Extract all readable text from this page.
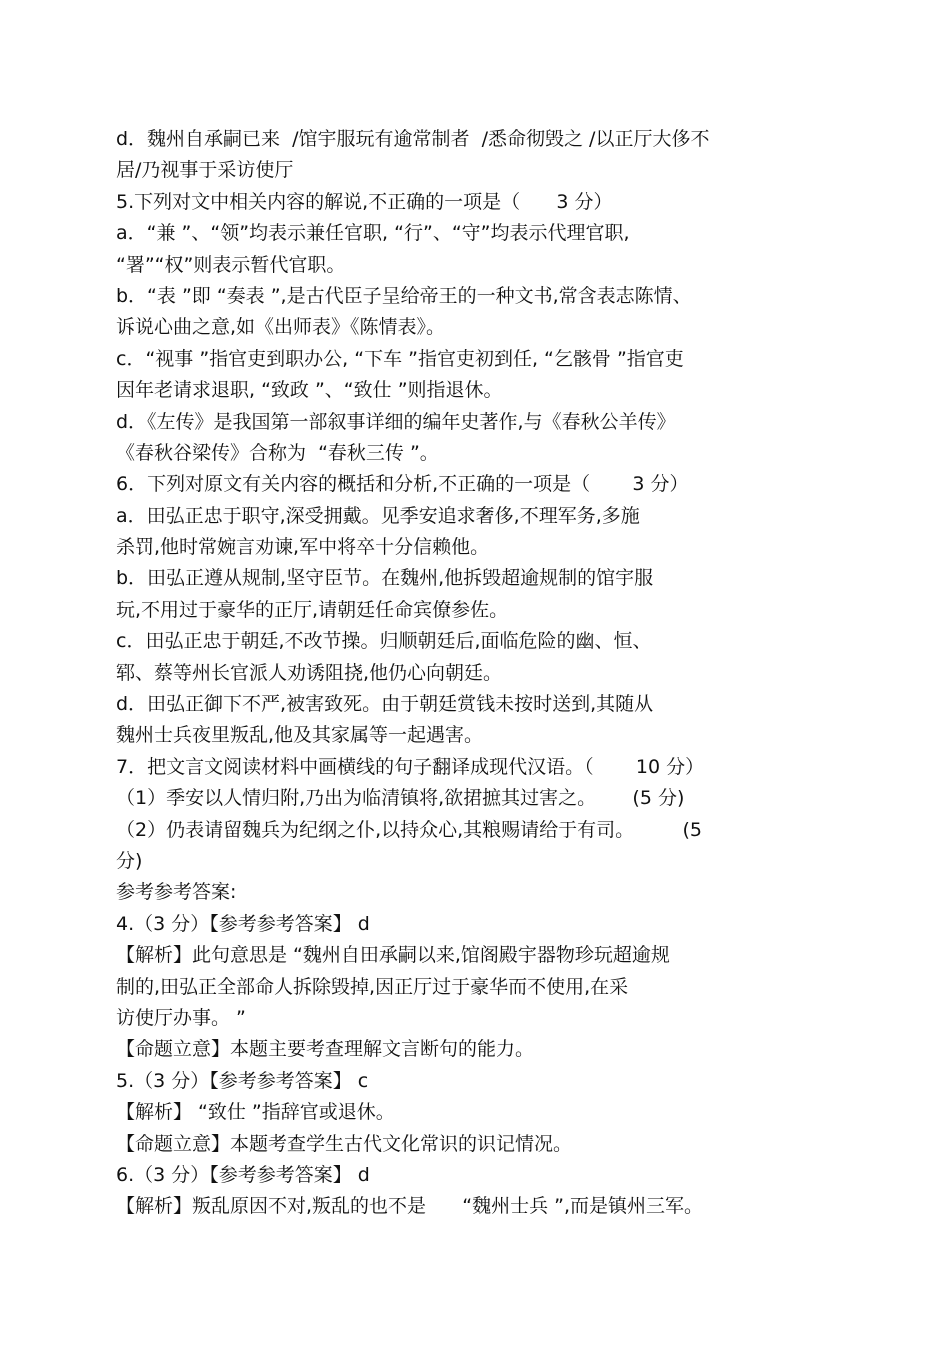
d．魏州自承嗣已来  /馆宇服玩有逾常制者  /悉命彻毁之 /以正厅大侈不
居/乃视事于采访使厅
5.下列对文中相关内容的解说,不正确的一项是（      3 分）
a．“兼 ”、“领”均表示兼任官职, “行”、“守”均表示代理官职,
“署”“权”则表示暂代官职。
b．“表 ”即 “奏表 ”,是古代臣子呈给帝王的一种文书,常含表志陈情、
诉说心曲之意,如《出师表》《陈情表》。
c．“视事 ”指官吏到职办公, “下车 ”指官吏初到任, “乞骸骨 ”指官吏
因年老请求退职, “致政 ”、“致仕 ”则指退休。
d．《左传》是我国第一部叙事详细的编年史著作,与《春秋公羊传》
《春秋谷梁传》合称为  “春秋三传 ”。
6．下列对原文有关内容的概括和分析,不正确的一项是（       3 分）
a．田弘正忠于职守,深受拥戴。见季安追求奢侈,不理军务,多施
杀罚,他时常婉言劝谏,军中将卒十分信赖他。
b．田弘正遵从规制,坚守臣节。在魏州,他拆毁超逾规制的馆宇服
玩,不用过于豪华的正厅,请朝廷任命宾僚参佐。
c．田弘正忠于朝廷,不改节操。归顺朝廷后,面临危险的幽、恒、
郓、蔡等州长官派人劝诱阻挠,他仍心向朝廷。
d．田弘正御下不严,被害致死。由于朝廷赏钱未按时送到,其随从
魏州士兵夜里叛乱,他及其家属等一起遇害。
7．把文言文阅读材料中画横线的句子翻译成现代汉语。（       10 分）
（1）季安以人情归附,乃出为临清镇将,欲捃摭其过害之。      (5 分)
（2）仍表请留魏兵为纪纲之仆,以持众心,其粮赐请给于有司。        (5
分)
参考参考答案:
4.（3 分）【参考参考答案】 d
【解析】此句意思是 “魏州自田承嗣以来,馆阁殿宇器物珍玩超逾规
制的,田弘正全部命人拆除毁掉,因正厅过于豪华而不使用,在采
访使厅办事。 ”
【命题立意】本题主要考查理解文言断句的能力。
5.（3 分）【参考参考答案】 c
【解析】 “致仕 ”指辞官或退休。
【命题立意】本题考查学生古代文化常识的识记情况。
6.（3 分）【参考参考答案】 d
【解析】叛乱原因不对,叛乱的也不是      “魏州士兵 ”,而是镇州三军。
